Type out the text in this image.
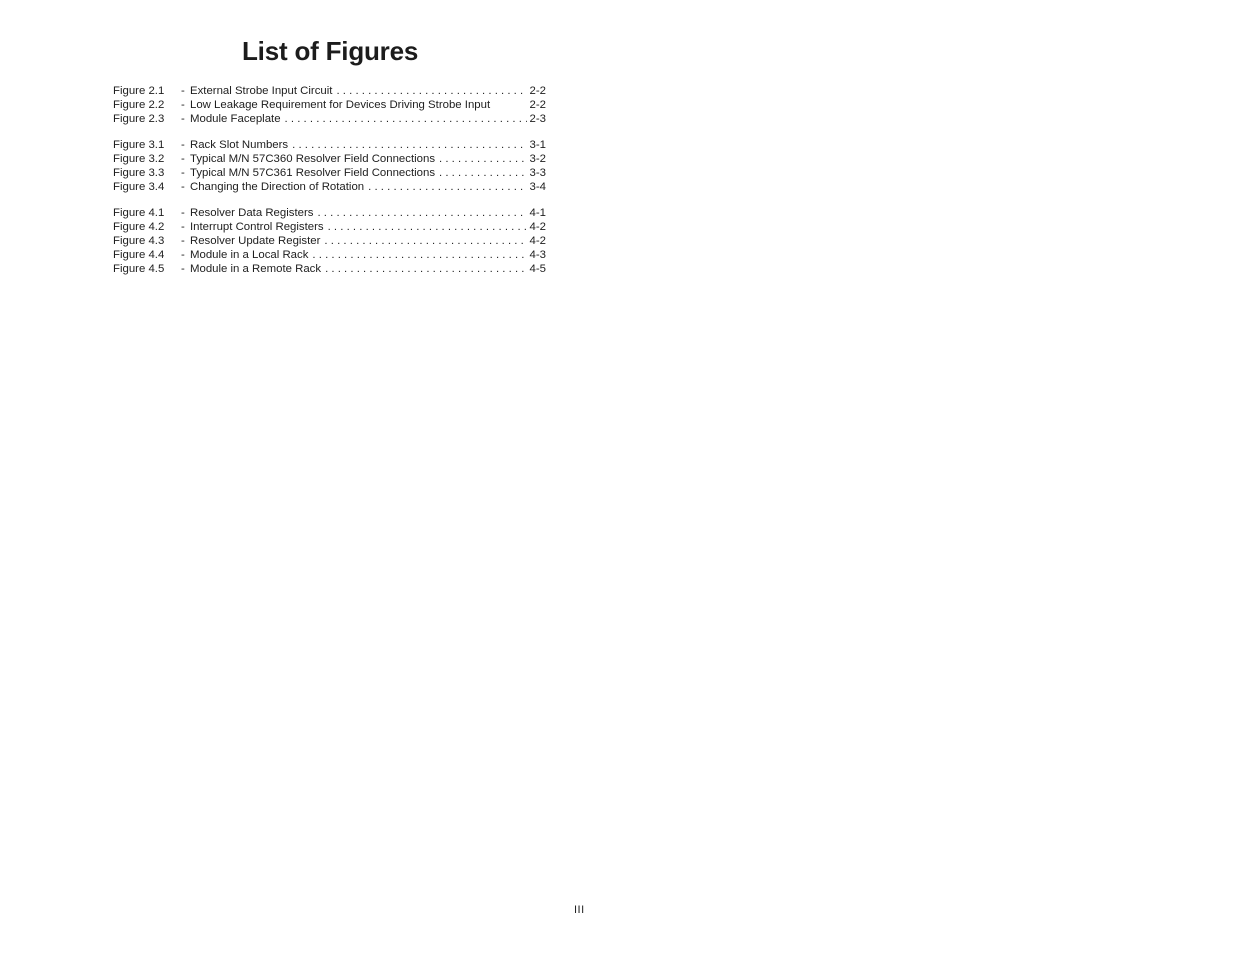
List of Figures
Figure 2.1	- External Strobe Input Circuit . . .	2-2
Figure 2.2	- Low Leakage Requirement for Devices Driving Strobe Input	2-2
Figure 2.3	- Module Faceplate . . .	2-3
Figure 3.1	- Rack Slot Numbers . . .	3-1
Figure 3.2	- Typical M/N 57C360 Resolver Field Connections . . .	3-2
Figure 3.3	- Typical M/N 57C361 Resolver Field Connections . . .	3-3
Figure 3.4	- Changing the Direction of Rotation . . .	3-4
Figure 4.1	- Resolver Data Registers . . .	4-1
Figure 4.2	- Interrupt Control Registers . . .	4-2
Figure 4.3	- Resolver Update Register . . .	4-2
Figure 4.4	- Module in a Local Rack . . .	4-3
Figure 4.5	- Module in a Remote Rack . . .	4-5
III
